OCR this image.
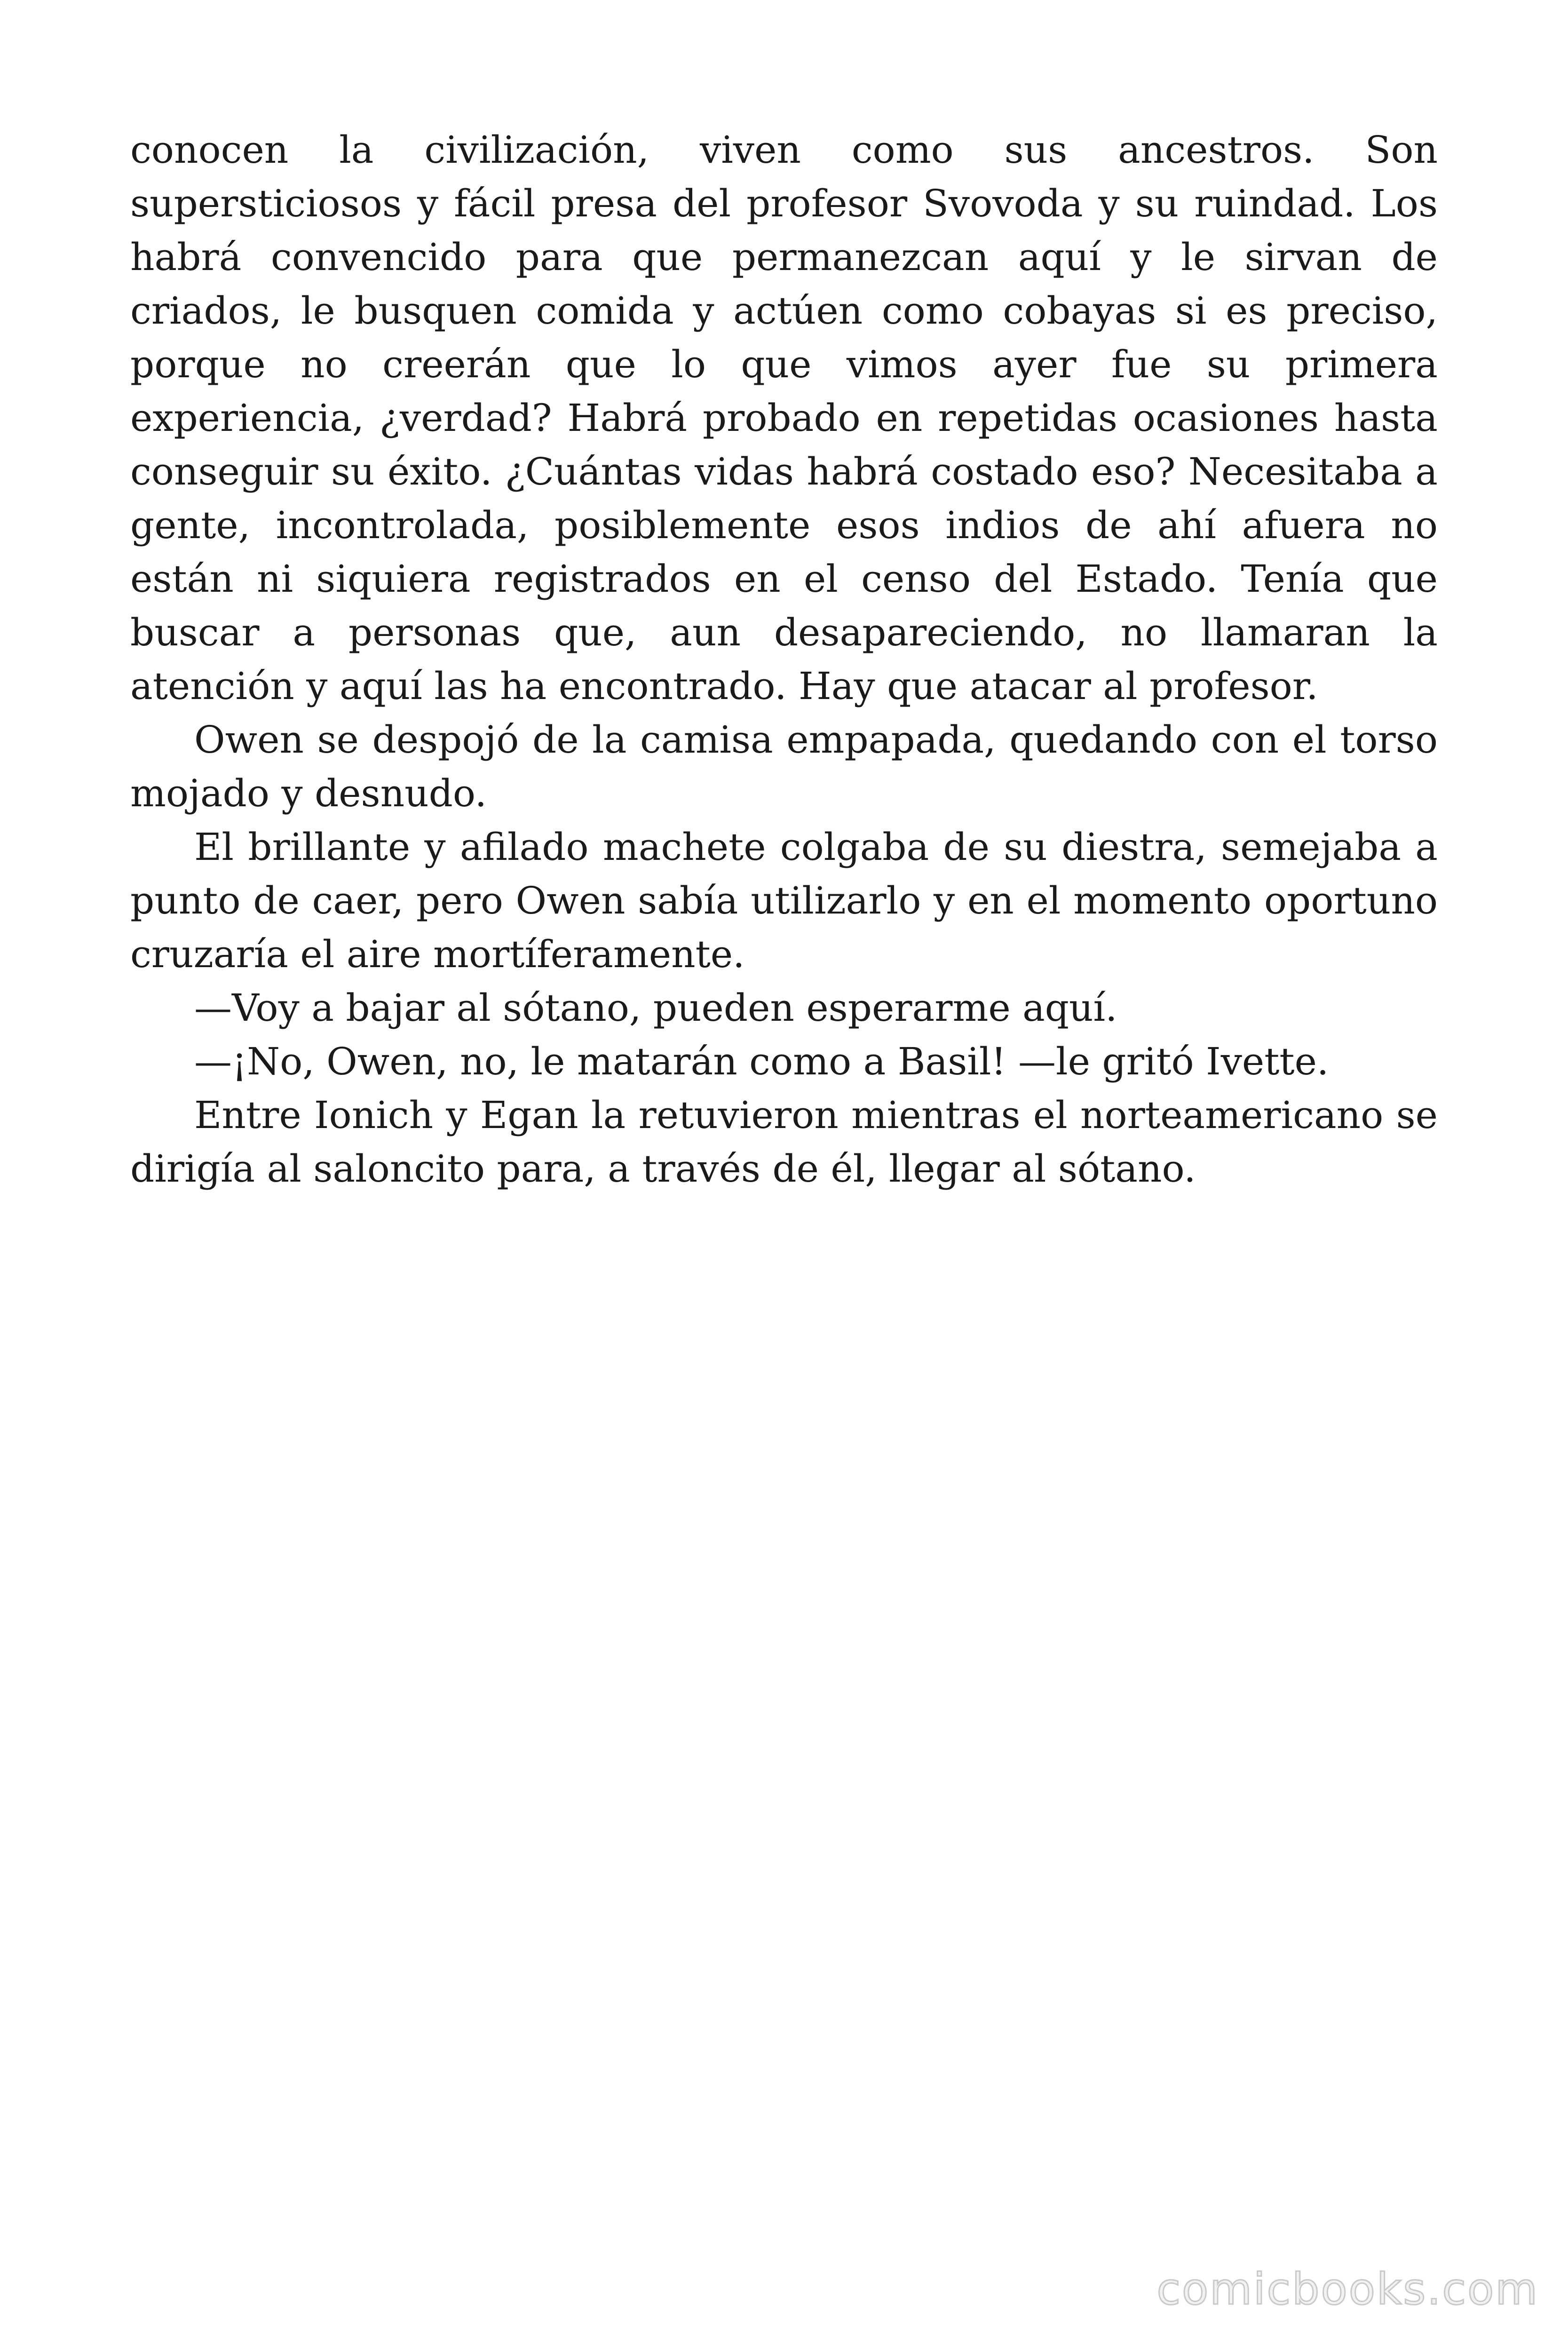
conocen la civilización, viven como sus ancestros. Son supersticiosos y fácil presa del profesor Svovoda y su ruindad. Los habrá convencido para que permanezcan aquí y le sirvan de criados, le busquen comida y actúen como cobayas si es preciso, porque no creerán que lo que vimos ayer fue su primera experiencia, ¿verdad? Habrá probado en repetidas ocasiones hasta conseguir su éxito. ¿Cuántas vidas habrá costado eso? Necesitaba a gente, incontrolada, posiblemente esos indios de ahí afuera no están ni siquiera registrados en el censo del Estado. Tenía que buscar a personas que, aun desapareciendo, no llamaran la atención y aquí las ha encontrado. Hay que atacar al profesor.

Owen se despojó de la camisa empapada, quedando con el torso mojado y desnudo.

El brillante y afilado machete colgaba de su diestra, semejaba a punto de caer, pero Owen sabía utilizarlo y en el momento oportuno cruzaría el aire mortíferamente.

—Voy a bajar al sótano, pueden esperarme aquí.

—¡No, Owen, no, le matarán como a Basil! —le gritó Ivette.

Entre Ionich y Egan la retuvieron mientras el norteamericano se dirigía al saloncito para, a través de él, llegar al sótano.

comicbooks.com
